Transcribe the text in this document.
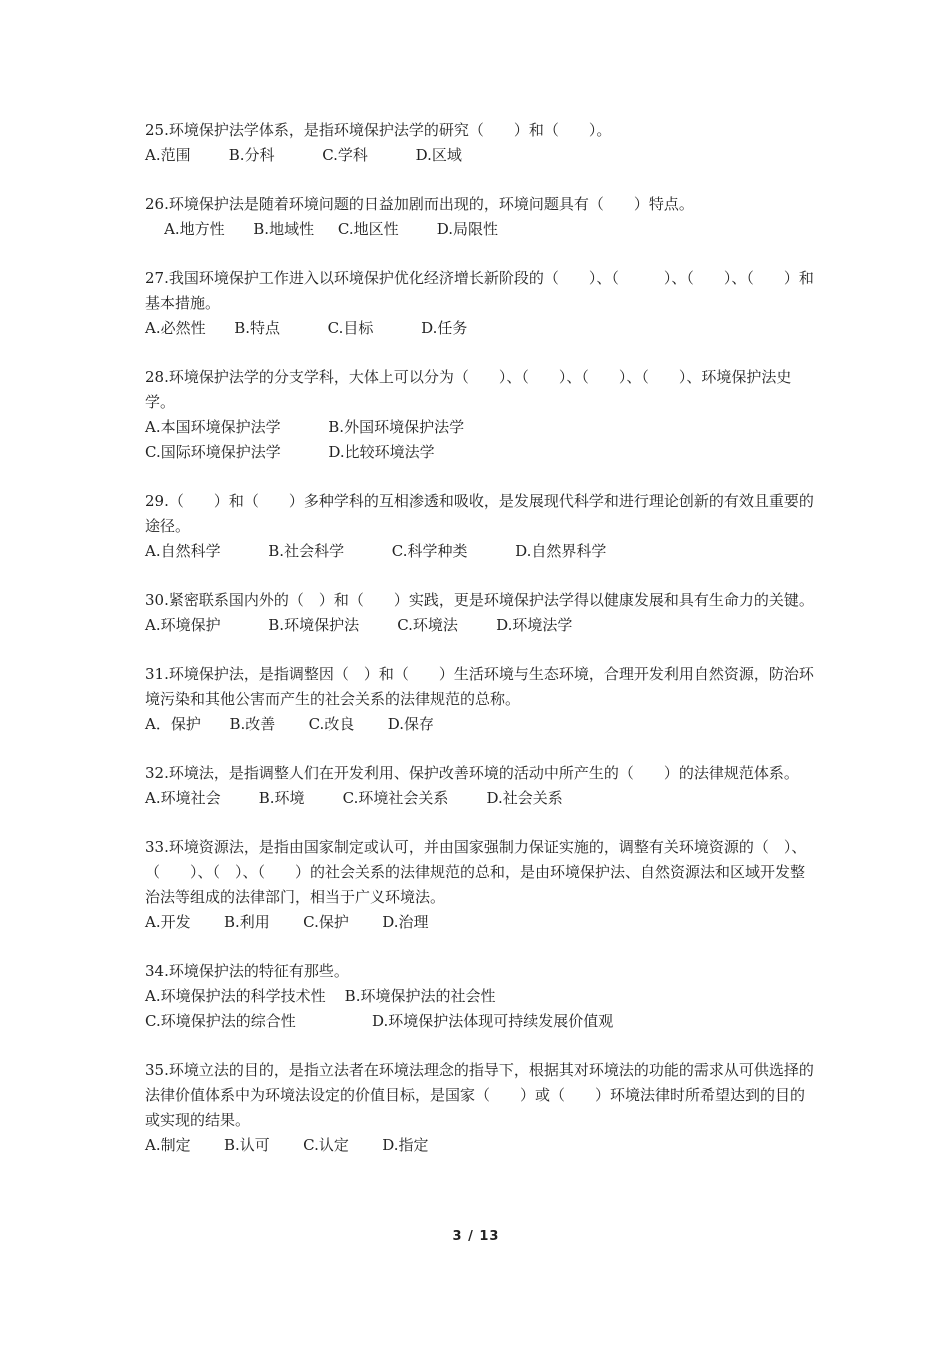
25.环境保护法学体系，是指环境保护法学的研究（　　）和（　　）。
A.范围        B.分科          C.学科          D.区域
26.环境保护法是随着环境问题的日益加剧而出现的，环境问题具有（　　）特点。
A.地方性      B.地域性     C.地区性        D.局限性
27.我国环境保护工作进入以环境保护优化经济增长新阶段的（　　）、（　　　）、（　　）、（　　）和基本措施。
A.必然性      B.特点          C.目标          D.任务
28.环境保护法学的分支学科，大体上可以分为（　　）、（　　）、（　　）、（　　）、环境保护法史学。
A.本国环境保护法学          B.外国环境保护法学
C.国际环境保护法学          D.比较环境法学
29.（　　）和（　　）多种学科的互相渗透和吸收，是发展现代科学和进行理论创新的有效且重要的途径。
A.自然科学          B.社会科学          C.科学种类          D.自然界科学
30.紧密联系国内外的（　）和（　　）实践，更是环境保护法学得以健康发展和具有生命力的关键。
A.环境保护          B.环境保护法        C.环境法        D.环境法学
31.环境保护法，是指调整因（　）和（　　）生活环境与生态环境，合理开发利用自然资源，防治环境污染和其他公害而产生的社会关系的法律规范的总称。
A．保护      B.改善       C.改良       D.保存
32.环境法，是指调整人们在开发利用、保护改善环境的活动中所产生的（　　）的法律规范体系。
A.环境社会        B.环境        C.环境社会关系        D.社会关系
33.环境资源法，是指由国家制定或认可，并由国家强制力保证实施的，调整有关环境资源的（　）、（　　）、（　）、（　　）的社会关系的法律规范的总和，是由环境保护法、自然资源法和区域开发整治法等组成的法律部门，相当于广义环境法。
A.开发       B.利用       C.保护       D.治理
34.环境保护法的特征有那些。
A.环境保护法的科学技术性    B.环境保护法的社会性
C.环境保护法的综合性                D.环境保护法体现可持续发展价值观
35.环境立法的目的，是指立法者在环境法理念的指导下，根据其对环境法的功能的需求从可供选择的法律价值体系中为环境法设定的价值目标，是国家（　　）或（　　）环境法律时所希望达到的目的或实现的结果。
A.制定       B.认可       C.认定       D.指定
3 / 13
